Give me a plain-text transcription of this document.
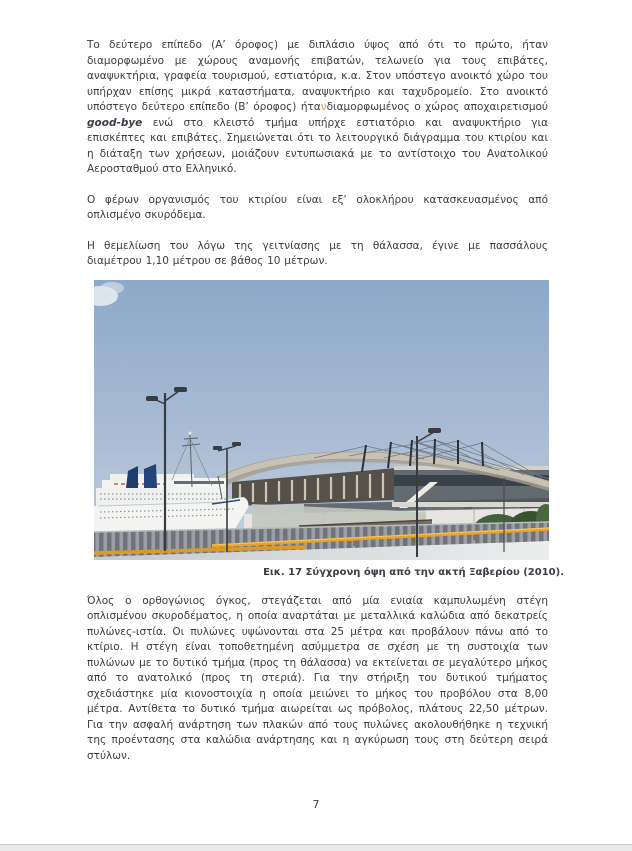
Το δεύτερο επίπεδο (Α’ όροφος) με διπλάσιο ύψος από ότι το πρώτο, ήταν διαμορφωμένο με χώρους αναμονής επιβατών, τελωνείο για τους επιβάτες, αναψυκτήρια, γραφεία τουρισμού, εστιατόρια, κ.α. Στον υπόστεγο ανοικτό χώρο του υπήρχαν επίσης μικρά καταστήματα, αναψυκτήριο και ταχυδρομείο. Στο ανοικτό υπόστεγο δεύτερο επίπεδο (Β’ όροφος) ήτανδιαμορφωμένος ο χώρος αποχαιρετισμού good-bye ενώ στο κλειστό τμήμα υπήρχε εστιατόριο και αναψυκτήριο για επισκέπτες και επιβάτες. Σημειώνεται ότι το λειτουργικό διάγραμμα του κτιρίου και η διάταξη των χρήσεων, μοιάζουν εντυπωσιακά με το αντίστοιχο του Ανατολικού Αεροσταθμού στο Ελληνικό.

Ο φέρων οργανισμός του κτιρίου είναι εξ’ ολοκλήρου κατασκευασμένος από οπλισμένο σκυρόδεμα.

Η θεμελίωση του λόγω της γειτνίασης με τη θάλασσα, έγινε με πασσάλους διαμέτρου 1,10 μέτρου σε βάθος 10 μέτρων.

Εικ. 17 Σύγχρονη όψη από την ακτή Ξαβερίου (2010).

Όλος ο ορθογώνιος όγκος, στεγάζεται από μία ενιαία καμπυλωμένη στέγη οπλισμένου σκυροδέματος, η οποία αναρτάται με μεταλλικά καλώδια από δεκατρείς πυλώνες-ιστία. Οι πυλώνες υψώνονται στα 25 μέτρα και προβάλουν πάνω από το κτίριο. Η στέγη είναι τοποθετημένη ασύμμετρα σε σχέση με τη συστοιχία των πυλώνων με το δυτικό τμήμα (προς τη θάλασσα) να εκτείνεται σε μεγαλύτερο μήκος από το ανατολικό (προς τη στεριά). Για την στήριξη του δυτικού τμήματος σχεδιάστηκε μία κιονοστοιχία η οποία μειώνει το μήκος του προβόλου στα 8,00 μέτρα. Αντίθετα το δυτικό τμήμα αιωρείται ως πρόβολος, πλάτους 22,50 μέτρων. Για την ασφαλή ανάρτηση των πλακών από τους πυλώνες ακολουθήθηκε η τεχνική της προέντασης στα καλώδια ανάρτησης και η αγκύρωση τους στη δεύτερη σειρά στύλων.

7
